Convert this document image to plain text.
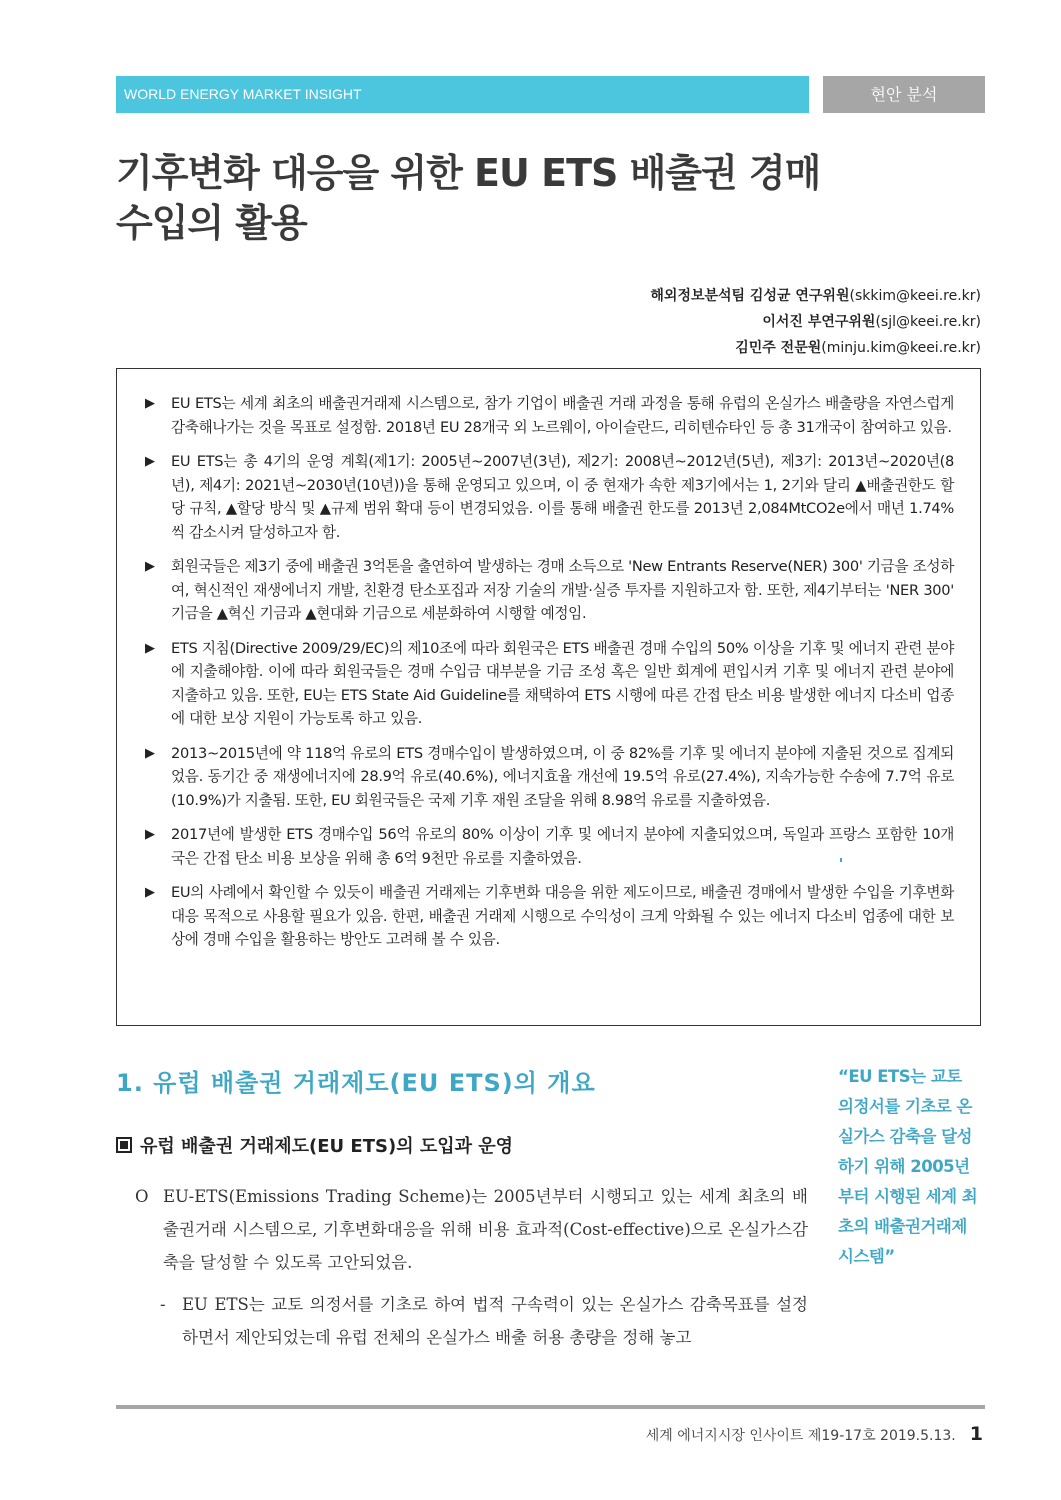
WORLD ENERGY MARKET INSIGHT	현안 분석
기후변화 대응을 위한 EU ETS 배출권 경매
수입의 활용
해외정보분석팀 김성균 연구위원(skkim@keei.re.kr)
이서진 부연구위원(sjl@keei.re.kr)
김민주 전문원(minju.kim@keei.re.kr)
▶ EU ETS는 세계 최초의 배출권거래제 시스템으로, 참가 기업이 배출권 거래 과정을 통해 유럽의 온실가스 배출량을 자연스럽게 감축해나가는 것을 목표로 설정함. 2018년 EU 28개국 외 노르웨이, 아이슬란드, 리히텐슈타인 등 총 31개국이 참여하고 있음.
▶ EU ETS는 총 4기의 운영 계획(제1기: 2005년~2007년(3년), 제2기: 2008년~2012년(5년), 제3기: 2013년~2020년(8년), 제4기: 2021년~2030년(10년))을 통해 운영되고 있으며, 이 중 현재가 속한 제3기에서는 1, 2기와 달리 ▲배출권한도 할당 규칙, ▲할당 방식 및 ▲규제 범위 확대 등이 변경되었음. 이를 통해 배출권 한도를 2013년 2,084MtCO2e에서 매년 1.74%씩 감소시켜 달성하고자 함.
▶ 회원국들은 제3기 중에 배출권 3억톤을 출연하여 발생하는 경매 소득으로 'New Entrants Reserve(NER) 300' 기금을 조성하여, 혁신적인 재생에너지 개발, 친환경 탄소포집과 저장 기술의 개발·실증 투자를 지원하고자 함. 또한, 제4기부터는 'NER 300' 기금을 ▲혁신 기금과 ▲현대화 기금으로 세분화하여 시행할 예정임.
▶ ETS 지침(Directive 2009/29/EC)의 제10조에 따라 회원국은 ETS 배출권 경매 수입의 50% 이상을 기후 및 에너지 관련 분야에 지출해야함. 이에 따라 회원국들은 경매 수입금 대부분을 기금 조성 혹은 일반 회계에 편입시켜 기후 및 에너지 관련 분야에 지출하고 있음. 또한, EU는 ETS State Aid Guideline를 채택하여 ETS 시행에 따른 간접 탄소 비용 발생한 에너지 다소비 업종에 대한 보상 지원이 가능토록 하고 있음.
▶ 2013~2015년에 약 118억 유로의 ETS 경매수입이 발생하였으며, 이 중 82%를 기후 및 에너지 분야에 지출된 것으로 집계되었음. 동기간 중 재생에너지에 28.9억 유로(40.6%), 에너지효율 개선에 19.5억 유로(27.4%), 지속가능한 수송에 7.7억 유로(10.9%)가 지출됨. 또한, EU 회원국들은 국제 기후 재원 조달을 위해 8.98억 유로를 지출하였음.
▶ 2017년에 발생한 ETS 경매수입 56억 유로의 80% 이상이 기후 및 에너지 분야에 지출되었으며, 독일과 프랑스 포함한 10개국은 간접 탄소 비용 보상을 위해 총 6억 9천만 유로를 지출하였음.
▶ EU의 사례에서 확인할 수 있듯이 배출권 거래제는 기후변화 대응을 위한 제도이므로, 배출권 경매에서 발생한 수입을 기후변화 대응 목적으로 사용할 필요가 있음. 한편, 배출권 거래제 시행으로 수익성이 크게 악화될 수 있는 에너지 다소비 업종에 대한 보상에 경매 수입을 활용하는 방안도 고려해 볼 수 있음.
1. 유럽 배출권 거래제도(EU ETS)의 개요
유럽 배출권 거래제도(EU ETS)의 도입과 운영
O EU-ETS(Emissions Trading Scheme)는 2005년부터 시행되고 있는 세계 최초의 배출권거래 시스템으로, 기후변화대응을 위해 비용 효과적(Cost-effective)으로 온실가스감축을 달성할 수 있도록 고안되었음.
- EU ETS는 교토 의정서를 기초로 하여 법적 구속력이 있는 온실가스 감축목표를 설정하면서 제안되었는데 유럽 전체의 온실가스 배출 허용 총량을 정해 놓고
“EU ETS는 교토 의정서를 기초로 온실가스 감축을 달성하기 위해 2005년부터 시행된 세계 최초의 배출권거래제 시스템”
세계 에너지시장 인사이트 제19-17호 2019.5.13. 1
